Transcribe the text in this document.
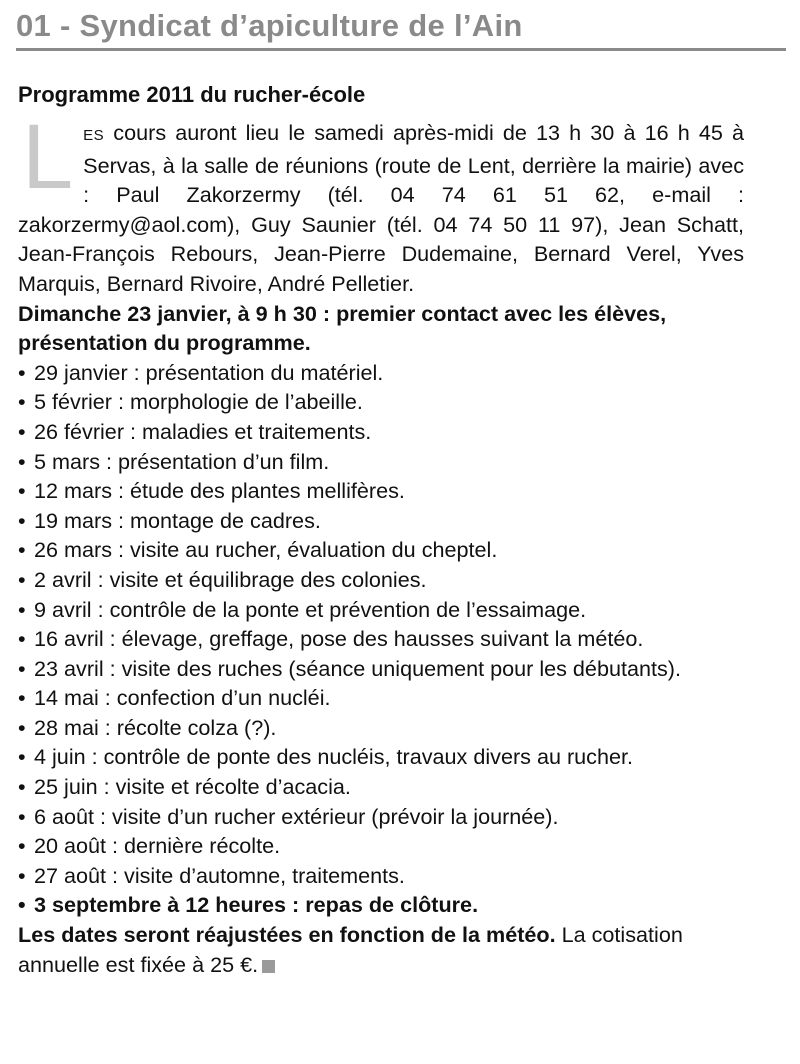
01 - Syndicat d’apiculture de l’Ain
Programme 2011 du rucher-école

LES cours auront lieu le samedi après-midi de 13 h 30 à 16 h 45 à Servas, à la salle de réunions (route de Lent, derrière la mairie) avec : Paul Zakorzermy (tél. 04 74 61 51 62, e-mail : zakorzermy@aol.com), Guy Saunier (tél. 04 74 50 11 97), Jean Schatt, Jean-François Rebours, Jean-Pierre Dudemaine, Bernard Verel, Yves Marquis, Bernard Rivoire, André Pelletier.

Dimanche 23 janvier, à 9 h 30 : premier contact avec les élèves, présentation du programme.

• 29 janvier : présentation du matériel.
• 5 février : morphologie de l’abeille.
• 26 février : maladies et traitements.
• 5 mars : présentation d’un film.
• 12 mars : étude des plantes mellifères.
• 19 mars : montage de cadres.
• 26 mars : visite au rucher, évaluation du cheptel.
• 2 avril : visite et équilibrage des colonies.
• 9 avril : contrôle de la ponte et prévention de l’essaimage.
• 16 avril : élevage, greffage, pose des hausses suivant la météo.
• 23 avril : visite des ruches (séance uniquement pour les débutants).
• 14 mai : confection d’un nucléi.
• 28 mai : récolte colza (?).
• 4 juin : contrôle de ponte des nucléis, travaux divers au rucher.
• 25 juin : visite et récolte d’acacia.
• 6 août : visite d’un rucher extérieur (prévoir la journée).
• 20 août : dernière récolte.
• 27 août : visite d’automne, traitements.
• 3 septembre à 12 heures : repas de clôture.

Les dates seront réajustées en fonction de la météo. La cotisation annuelle est fixée à 25 €.
